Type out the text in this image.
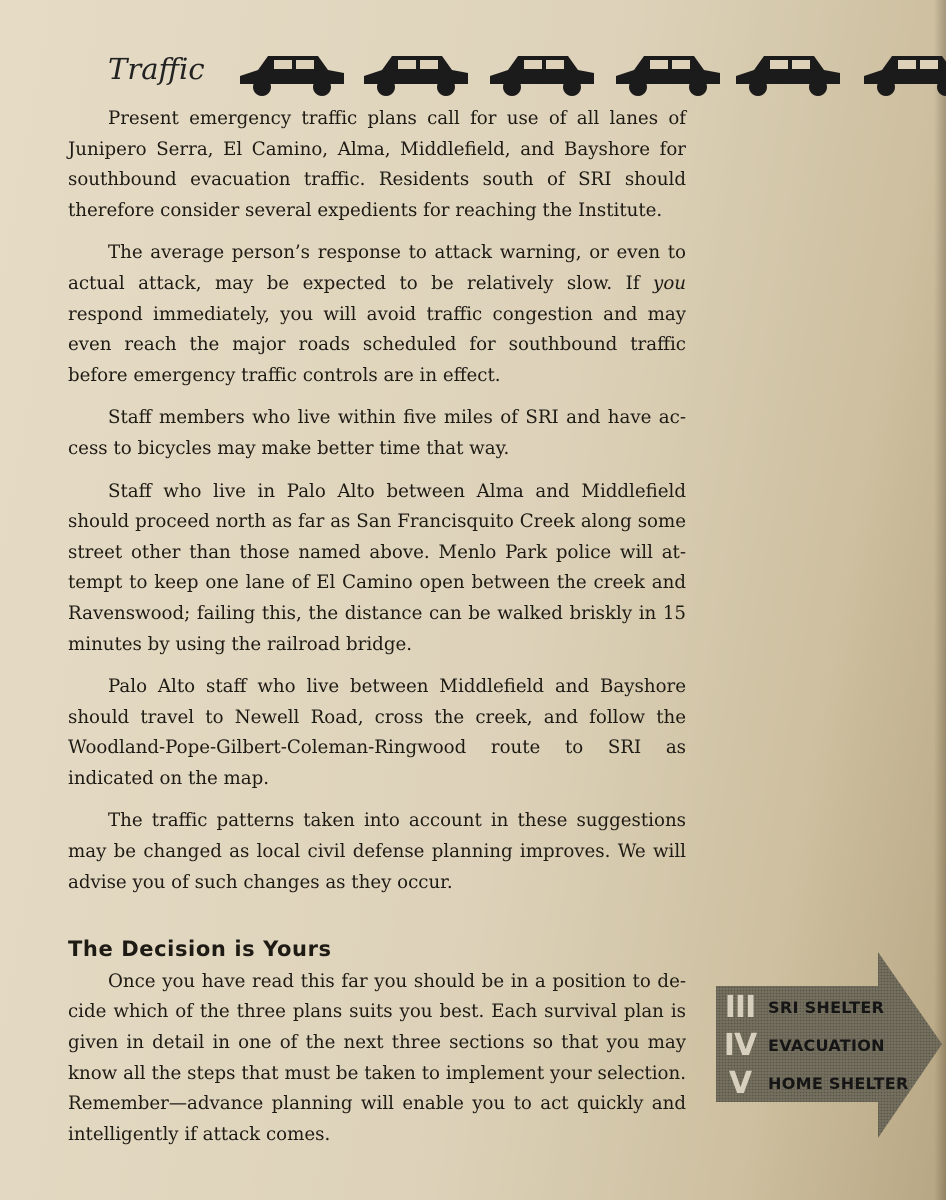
Traffic

Present emergency traffic plans call for use of all lanes of Junipero Serra, El Camino, Alma, Middlefield, and Bayshore for southbound evacuation traffic. Residents south of SRI should therefore consider several expedients for reaching the Institute.

The average person’s response to attack warning, or even to actual attack, may be expected to be relatively slow. If you respond immediately, you will avoid traffic congestion and may even reach the major roads scheduled for southbound traffic before emergency traffic controls are in effect.

Staff members who live within five miles of SRI and have access to bicycles may make better time that way.

Staff who live in Palo Alto between Alma and Middlefield should proceed north as far as San Francisquito Creek along some street other than those named above. Menlo Park police will attempt to keep one lane of El Camino open between the creek and Ravenswood; failing this, the distance can be walked briskly in 15 minutes by using the railroad bridge.

Palo Alto staff who live between Middlefield and Bayshore should travel to Newell Road, cross the creek, and follow the Woodland-Pope-Gilbert-Coleman-Ringwood route to SRI as indicated on the map.

The traffic patterns taken into account in these suggestions may be changed as local civil defense planning improves. We will advise you of such changes as they occur.

The Decision is Yours

Once you have read this far you should be in a position to decide which of the three plans suits you best. Each survival plan is given in detail in one of the next three sections so that you may know all the steps that must be taken to implement your selection. Remember—advance planning will enable you to act quickly and intelligently if attack comes.

III SRI SHELTER
IV EVACUATION
V	HOME SHELTER
